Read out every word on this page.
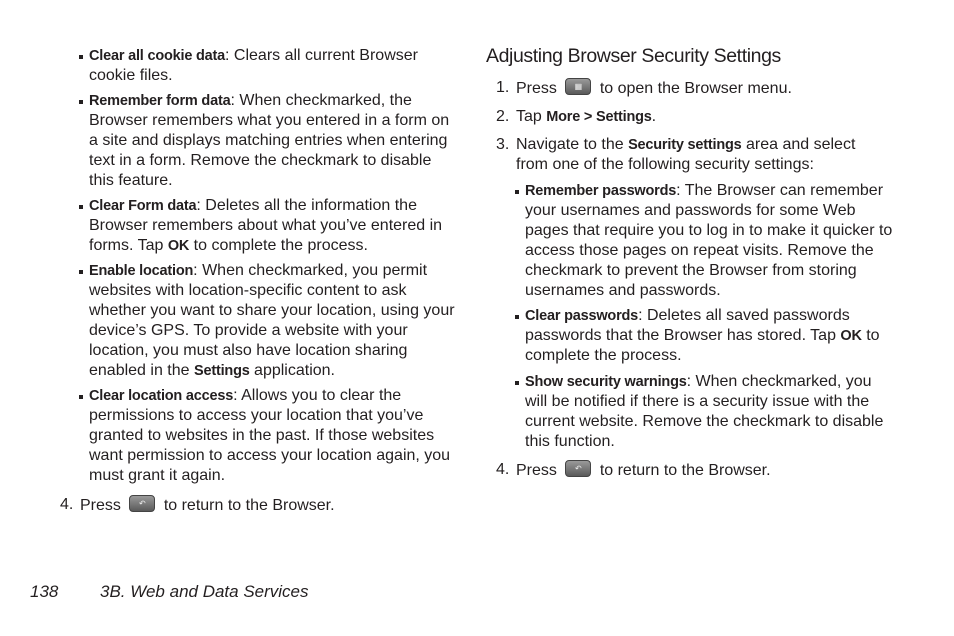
Clear all cookie data: Clears all current Browser cookie files.
Remember form data: When checkmarked, the Browser remembers what you entered in a form on a site and displays matching entries when entering text in a form. Remove the checkmark to disable this feature.
Clear Form data: Deletes all the information the Browser remembers about what you’ve entered in forms. Tap OK to complete the process.
Enable location: When checkmarked, you permit websites with location-specific content to ask whether you want to share your location, using your device’s GPS. To provide a website with your location, you must also have location sharing enabled in the Settings application.
Clear location access: Allows you to clear the permissions to access your location that you’ve granted to websites in the past. If those websites want permission to access your location again, you must grant it again.
4. Press	↶	to return to the Browser.
Adjusting Browser Security Settings
1. Press	▦	to open the Browser menu.
2. Tap More > Settings.
3. Navigate to the Security settings area and select from one of the following security settings:
Remember passwords: The Browser can remember your usernames and passwords for some Web pages that require you to log in to make it quicker to access those pages on repeat visits. Remove the checkmark to prevent the Browser from storing usernames and passwords.
Clear passwords: Deletes all saved passwords passwords that the Browser has stored. Tap OK to complete the process.
Show security warnings: When checkmarked, you will be notified if there is a security issue with the current website. Remove the checkmark to disable this function.
4. Press	↶	to return to the Browser.
138 3B. Web and Data Services
